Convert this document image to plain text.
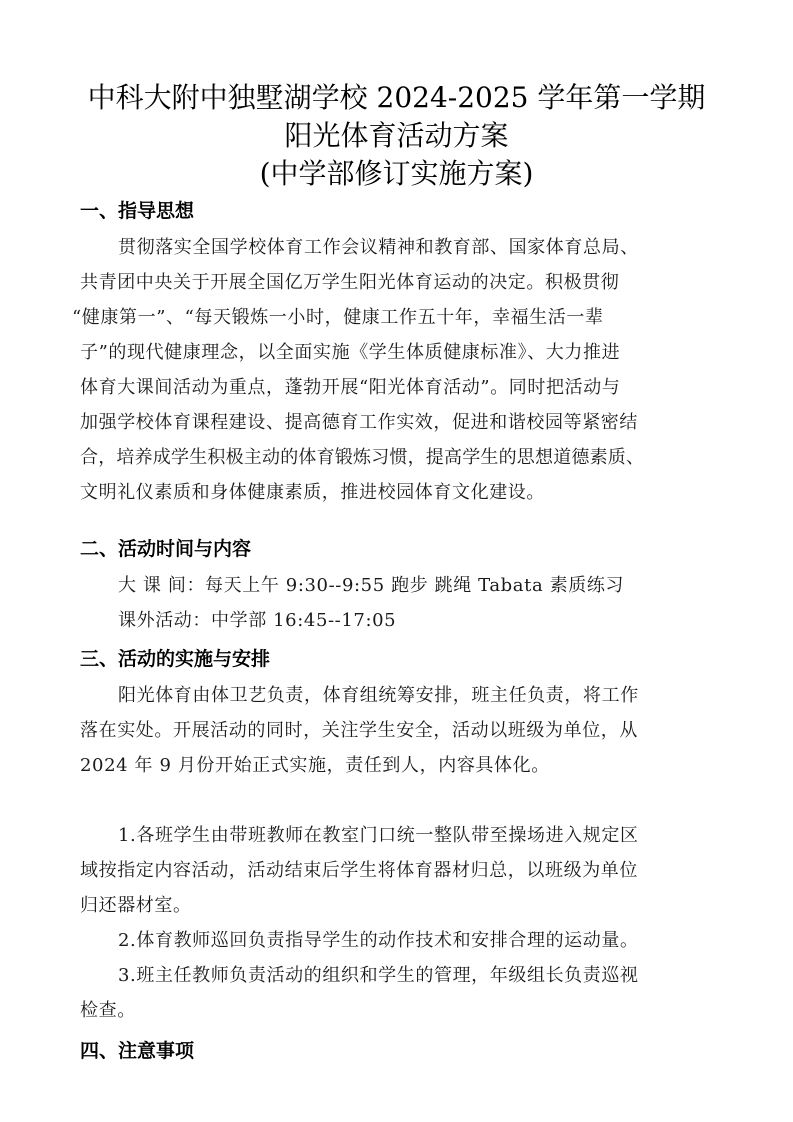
中科大附中独墅湖学校 2024-2025 学年第一学期
阳光体育活动方案
(中学部修订实施方案)
一、指导思想
贯彻落实全国学校体育工作会议精神和教育部、国家体育总局、
共青团中央关于开展全国亿万学生阳光体育运动的决定。积极贯彻
“健康第一”、“每天锻炼一小时，健康工作五十年，幸福生活一辈
子”的现代健康理念，以全面实施《学生体质健康标准》、大力推进
体育大课间活动为重点，蓬勃开展“阳光体育活动”。同时把活动与
加强学校体育课程建设、提高德育工作实效，促进和谐校园等紧密结
合，培养成学生积极主动的体育锻炼习惯，提高学生的思想道德素质、
文明礼仪素质和身体健康素质，推进校园体育文化建设。
二、活动时间与内容
大 课 间：每天上午 9:30--9:55 跑步 跳绳 Tabata 素质练习
课外活动：中学部 16:45--17:05
三、活动的实施与安排
阳光体育由体卫艺负责，体育组统筹安排，班主任负责，将工作
落在实处。开展活动的同时，关注学生安全，活动以班级为单位，从
2024 年 9 月份开始正式实施，责任到人，内容具体化。
1.各班学生由带班教师在教室门口统一整队带至操场进入规定区
域按指定内容活动，活动结束后学生将体育器材归总，以班级为单位
归还器材室。
2.体育教师巡回负责指导学生的动作技术和安排合理的运动量。
3.班主任教师负责活动的组织和学生的管理，年级组长负责巡视
检查。
四、注意事项
